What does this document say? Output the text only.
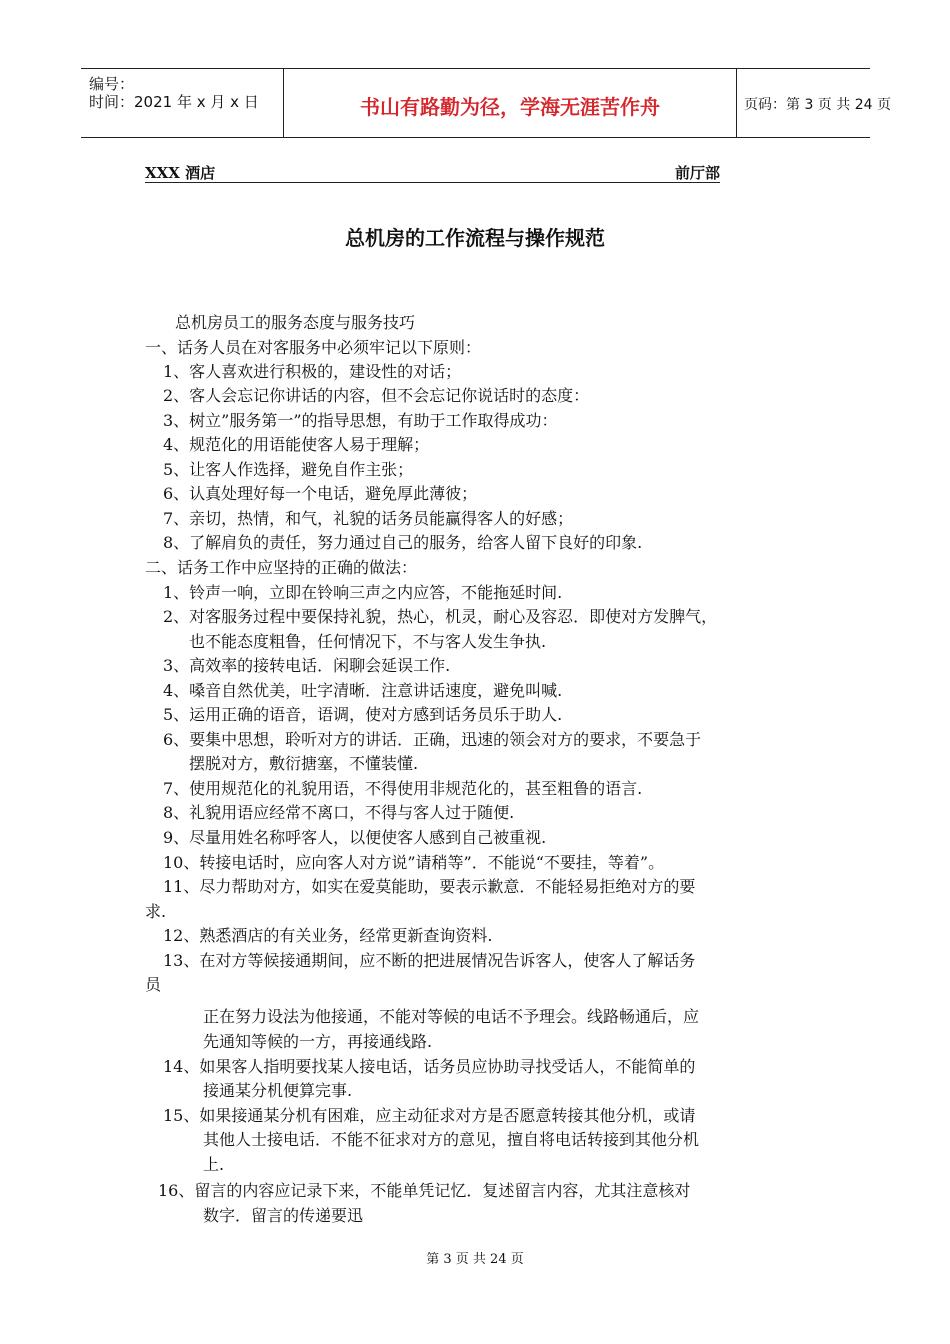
编号：
时间：2021 年 x 月 x 日	书山有路勤为径，学海无涯苦作舟	页码：第 3 页 共 24 页
XXX 酒店	前厅部
总机房的工作流程与操作规范
总机房员工的服务态度与服务技巧
一、话务人员在对客服务中必须牢记以下原则：
1、客人喜欢进行积极的，建设性的对话；
2、客人会忘记你讲话的内容，但不会忘记你说话时的态度：
3、树立”服务第一”的指导思想，有助于工作取得成功：
4、规范化的用语能使客人易于理解；
5、让客人作选择，避免自作主张；
6、认真处理好每一个电话，避免厚此薄彼；
7、亲切，热情，和气，礼貌的话务员能赢得客人的好感；
8、了解肩负的责任，努力通过自己的服务，给客人留下良好的印象.
二、话务工作中应坚持的正确的做法：
1、铃声一响，立即在铃响三声之内应答，不能拖延时间.
2、对客服务过程中要保持礼貌，热心，机灵，耐心及容忍．即使对方发脾气，
也不能态度粗鲁，任何情况下，不与客人发生争执.
3、高效率的接转电话．闲聊会延误工作.
4、嗓音自然优美，吐字清晰．注意讲话速度，避免叫喊.
5、运用正确的语音，语调，使对方感到话务员乐于助人.
6、要集中思想，聆听对方的讲话．正确，迅速的领会对方的要求，不要急于
摆脱对方，敷衍搪塞，不懂装懂.
7、使用规范化的礼貌用语，不得使用非规范化的，甚至粗鲁的语言.
8、礼貌用语应经常不离口，不得与客人过于随便.
9、尽量用姓名称呼客人，以便使客人感到自己被重视.
10、转接电话时，应向客人对方说”请稍等”．不能说“不要挂，等着”。
11、尽力帮助对方，如实在爱莫能助，要表示歉意．不能轻易拒绝对方的要
求.
12、熟悉酒店的有关业务，经常更新查询资料.
13、在对方等候接通期间，应不断的把进展情况告诉客人，使客人了解话务
员
正在努力设法为他接通，不能对等候的电话不予理会。线路畅通后，应
先通知等候的一方，再接通线路.
14、如果客人指明要找某人接电话，话务员应协助寻找受话人，不能简单的
接通某分机便算完事.
15、如果接通某分机有困难，应主动征求对方是否愿意转接其他分机，或请
其他人士接电话．不能不征求对方的意见，擅自将电话转接到其他分机
上.
16、留言的内容应记录下来，不能单凭记忆．复述留言内容，尤其注意核对
数字．留言的传递要迅
第 3 页 共 24 页
